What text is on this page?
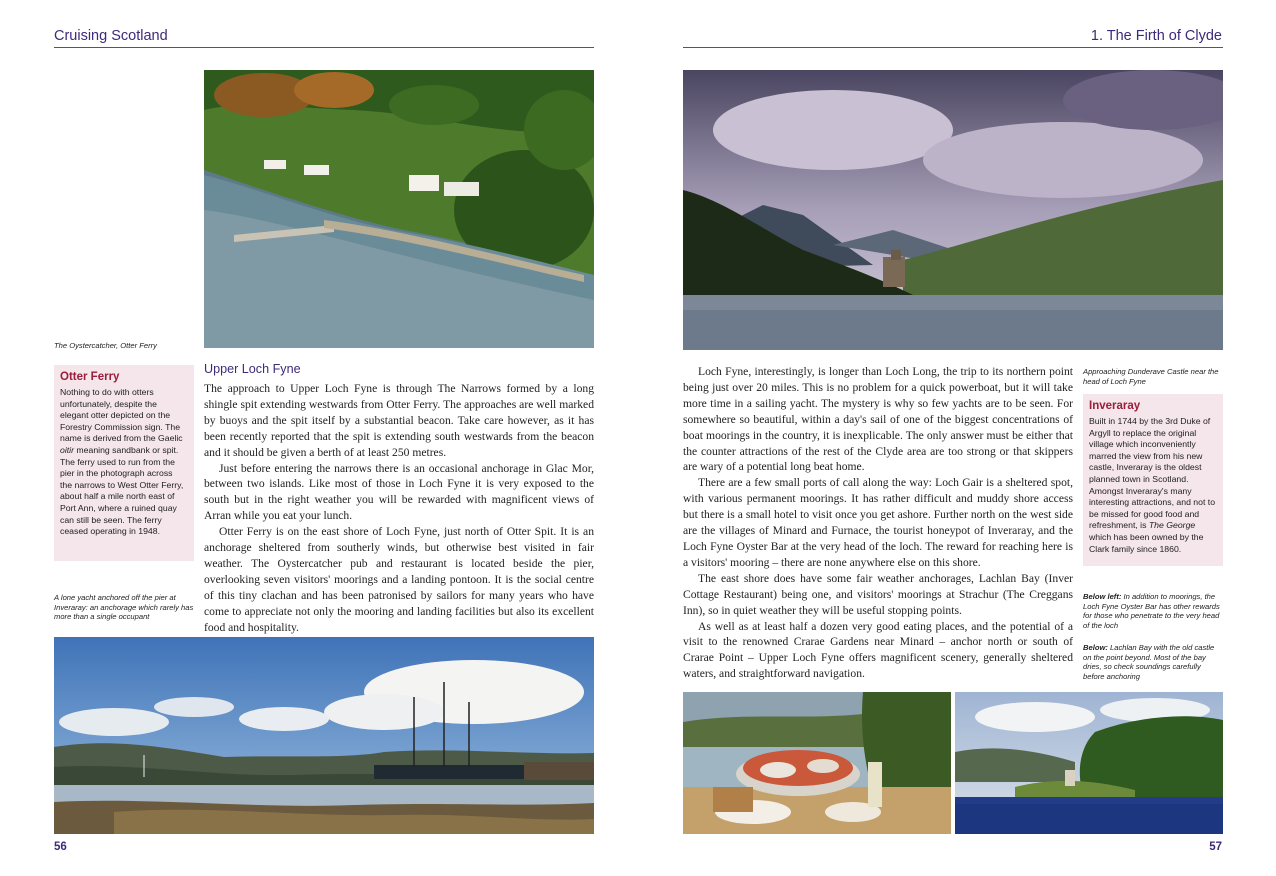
Cruising Scotland
The Oystercatcher, Otter Ferry
Otter Ferry

Nothing to do with otters unfortunately, despite the elegant otter depicted on the Forestry Commission sign. The name is derived from the Gaelic oitir meaning sandbank or spit. The ferry used to run from the pier in the photograph across the narrows to West Otter Ferry, about half a mile north east of Port Ann, where a ruined quay can still be seen. The ferry ceased operating in 1948.

A lone yacht anchored off the pier at Inveraray: an anchorage which rarely has more than a single occupant
Upper Loch Fyne

The approach to Upper Loch Fyne is through The Narrows formed by a long shingle spit extending westwards from Otter Ferry. The approaches are well marked by buoys and the spit itself by a substantial beacon. Take care however, as it has been recently reported that the spit is extending south westwards from the beacon and it should be given a berth of at least 250 metres.

Just before entering the narrows there is an occasional anchorage in Glac Mor, between two islands. Like most of those in Loch Fyne it is very exposed to the south but in the right weather you will be rewarded with magnificent views of Arran while you eat your lunch.

Otter Ferry is on the east shore of Loch Fyne, just north of Otter Spit. It is an anchorage sheltered from southerly winds, but otherwise best visited in fair weather. The Oystercatcher pub and restaurant is located beside the pier, overlooking seven visitors' moorings and a landing pontoon. It is the social centre of this tiny clachan and has been patronised by sailors for many years who have come to appreciate not only the mooring and landing facilities but also its excellent food and hospitality.

56
1. The Firth of Clyde
Approaching Dunderave Castle near the head of Loch Fyne

Loch Fyne, interestingly, is longer than Loch Long, the trip to its northern point being just over 20 miles. This is no problem for a quick powerboat, but it will take more time in a sailing yacht. The mystery is why so few yachts are to be seen. For somewhere so beautiful, within a day's sail of one of the biggest concentrations of boat moorings in the country, it is inexplicable. The only answer must be either that the counter attractions of the rest of the Clyde area are too strong or that skippers are wary of a potential long beat home.

There are a few small ports of call along the way: Loch Gair is a sheltered spot, with various permanent moorings. It has rather difficult and muddy shore access but there is a small hotel to visit once you get ashore. Further north on the west side are the villages of Minard and Furnace, the tourist honeypot of Inveraray, and the Loch Fyne Oyster Bar at the very head of the loch. The reward for reaching here is a visitors' mooring – there are none anywhere else on this shore.

The east shore does have some fair weather anchorages, Lachlan Bay (Inver Cottage Restaurant) being one, and visitors' moorings at Strachur (The Creggans Inn), so in quiet weather they will be useful stopping points.

As well as at least half a dozen very good eating places, and the potential of a visit to the renowned Crarae Gardens near Minard – anchor north or south of Crarae Point – Upper Loch Fyne offers magnificent scenery, generally sheltered waters, and straightforward navigation.

Inveraray

Built in 1744 by the 3rd Duke of Argyll to replace the original village which inconveniently marred the view from his new castle, Inveraray is the oldest planned town in Scotland. Amongst Inveraray's many interesting attractions, and not to be missed for good food and refreshment, is The George which has been owned by the Clark family since 1860.

Below left: In addition to moorings, the Loch Fyne Oyster Bar has other rewards for those who penetrate to the very head of the loch
Below: Lachlan Bay with the old castle on the point beyond. Most of the bay dries, so check soundings carefully before anchoring
57
